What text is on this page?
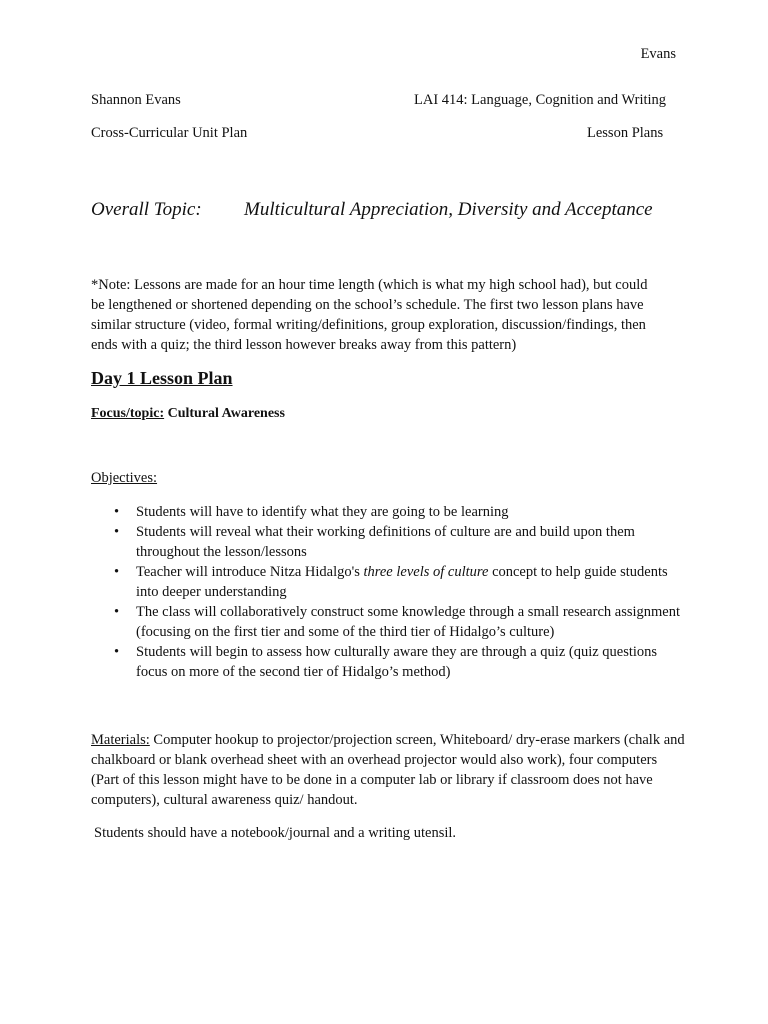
Evans
Shannon Evans	LAI 414: Language, Cognition and Writing
Cross-Curricular Unit Plan	Lesson Plans
Overall Topic: Multicultural Appreciation, Diversity and Acceptance

*Note: Lessons are made for an hour time length (which is what my high school had), but could

be lengthened or shortened depending on the school’s schedule. The first two lesson plans have

similar structure (video, formal writing/definitions, group exploration, discussion/findings, then

ends with a quiz; the third lesson however breaks away from this pattern)

Day 1 Lesson Plan
Focus/topic: Cultural Awareness
Objectives:
• Students will have to identify what they are going to be learning
• Students will reveal what their working definitions of culture are and build upon them throughout the lesson/lessons
• Teacher will introduce Nitza Hidalgo's three levels of culture concept to help guide students into deeper understanding
• The class will collaboratively construct some knowledge through a small research assignment (focusing on the first tier and some of the third tier of Hidalgo’s culture)
• Students will begin to assess how culturally aware they are through a quiz (quiz questions focus on more of the second tier of Hidalgo’s method)
Materials: Computer hookup to projector/projection screen, Whiteboard/ dry-erase markers (chalk and chalkboard or blank overhead sheet with an overhead projector would also work), four computers (Part of this lesson might have to be done in a computer lab or library if classroom does not have computers), cultural awareness quiz/ handout.
Students should have a notebook/journal and a writing utensil.
